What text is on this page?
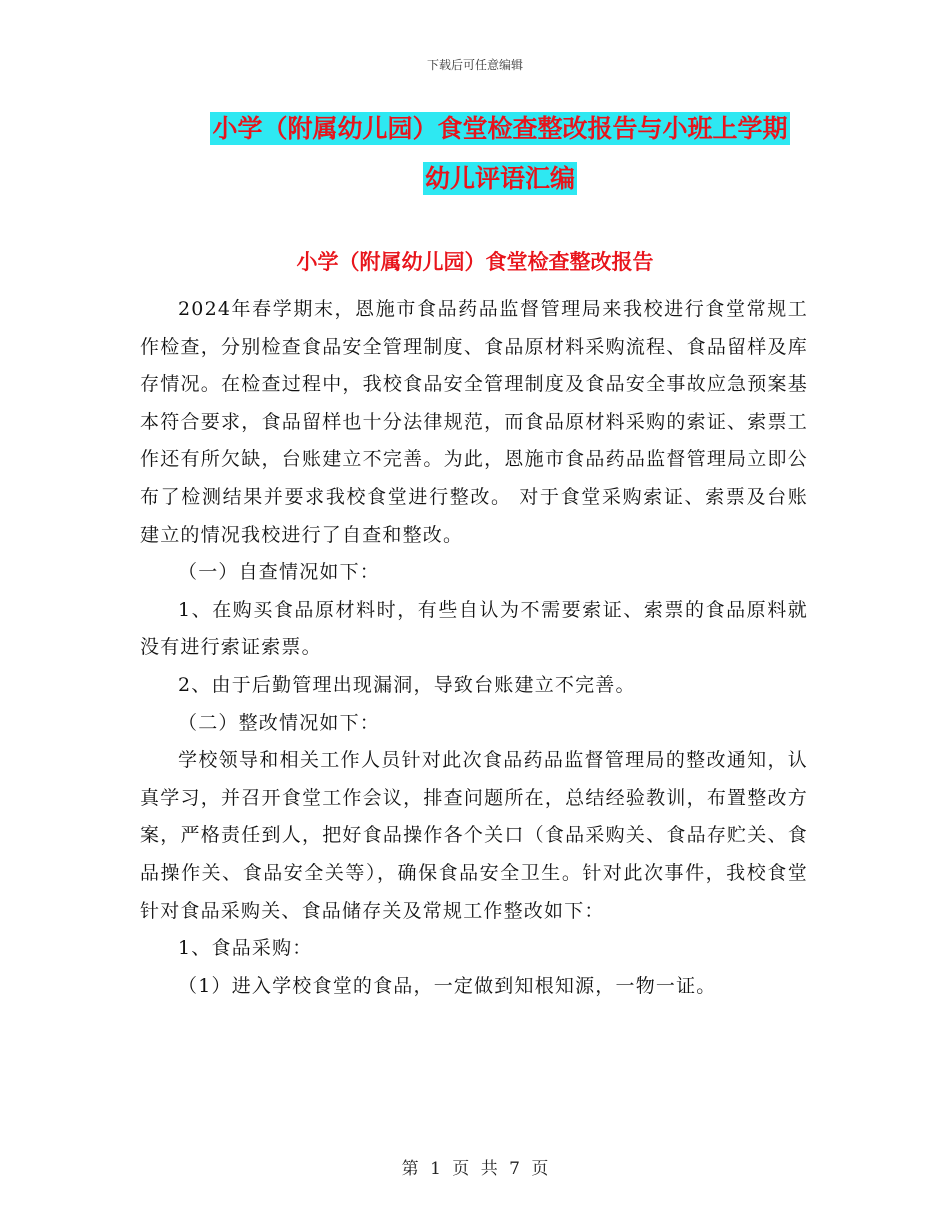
下载后可任意编辑
小学（附属幼儿园）食堂检查整改报告与小班上学期
幼儿评语汇编
小学（附属幼儿园）食堂检查整改报告

2024年春学期末，恩施市食品药品监督管理局来我校进行食堂常规工作检查，分别检查食品安全管理制度、食品原材料采购流程、食品留样及库存情况。在检查过程中，我校食品安全管理制度及食品安全事故应急预案基本符合要求，食品留样也十分法律规范，而食品原材料采购的索证、索票工作还有所欠缺，台账建立不完善。为此，恩施市食品药品监督管理局立即公布了检测结果并要求我校食堂进行整改。 对于食堂采购索证、索票及台账建立的情况我校进行了自查和整改。

（一）自查情况如下：

1、在购买食品原材料时，有些自认为不需要索证、索票的食品原料就没有进行索证索票。

2、由于后勤管理出现漏洞，导致台账建立不完善。

（二）整改情况如下：

学校领导和相关工作人员针对此次食品药品监督管理局的整改通知，认真学习，并召开食堂工作会议，排查问题所在，总结经验教训，布置整改方案，严格责任到人，把好食品操作各个关口（食品采购关、食品存贮关、食品操作关、食品安全关等），确保食品安全卫生。针对此次事件，我校食堂针对食品采购关、食品储存关及常规工作整改如下：

1、食品采购：

（1）进入学校食堂的食品，一定做到知根知源，一物一证。

第 1 页 共 7 页
